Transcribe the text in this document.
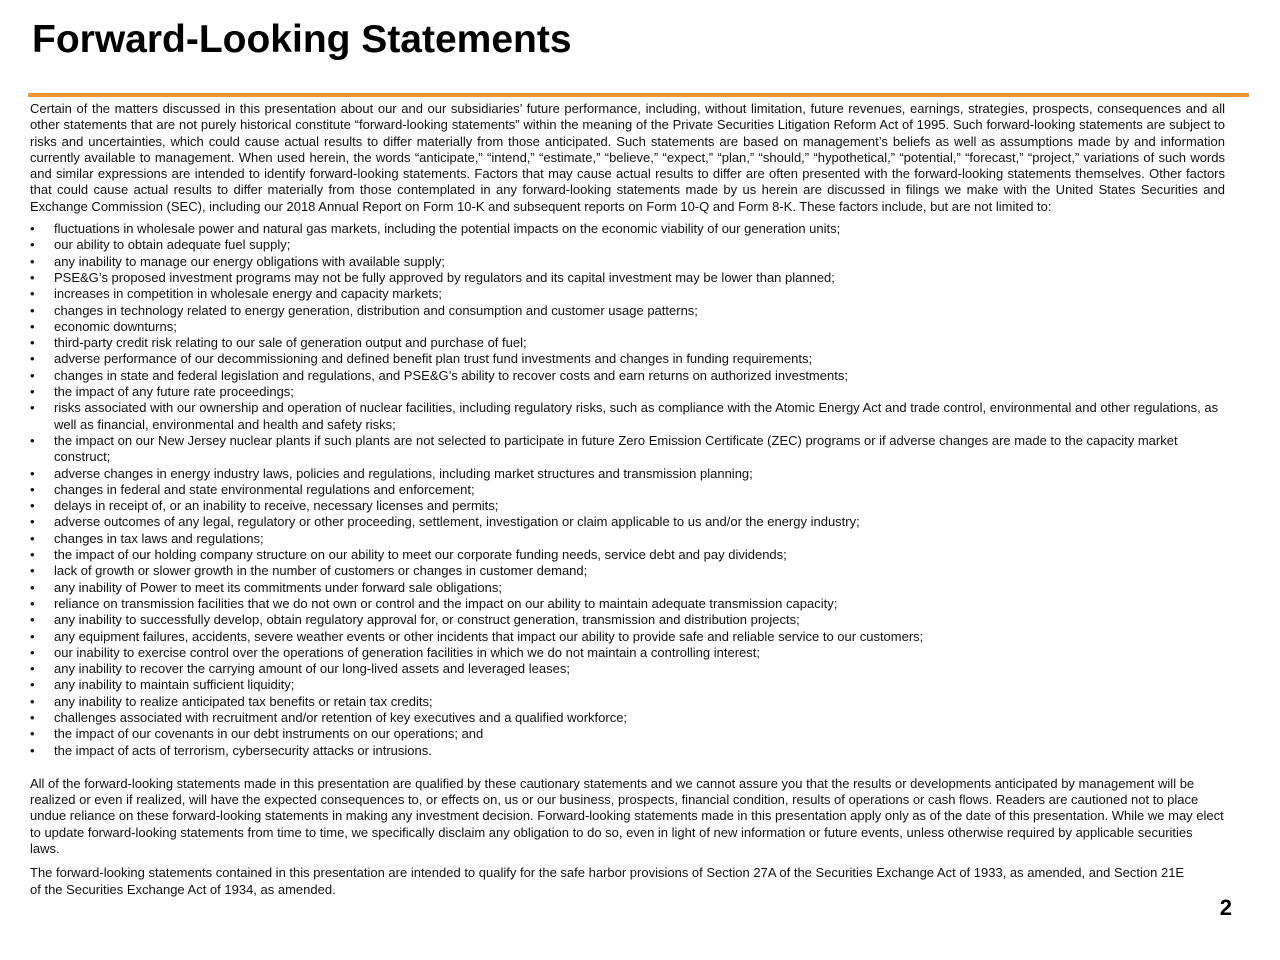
Forward-Looking Statements

Certain of the matters discussed in this presentation about our and our subsidiaries’ future performance, including, without limitation, future revenues, earnings, strategies, prospects, consequences and all other statements that are not purely historical constitute “forward-looking statements” within the meaning of the Private Securities Litigation Reform Act of 1995. Such forward-looking statements are subject to risks and uncertainties, which could cause actual results to differ materially from those anticipated. Such statements are based on management’s beliefs as well as assumptions made by and information currently available to management. When used herein, the words “anticipate,” “intend,” “estimate,” “believe,” “expect,” “plan,” “should,” “hypothetical,” “potential,” “forecast,” “project,” variations of such words and similar expressions are intended to identify forward-looking statements. Factors that may cause actual results to differ are often presented with the forward-looking statements themselves. Other factors that could cause actual results to differ materially from those contemplated in any forward-looking statements made by us herein are discussed in filings we make with the United States Securities and Exchange Commission (SEC), including our 2018 Annual Report on Form 10-K and subsequent reports on Form 10-Q and Form 8-K. These factors include, but are not limited to:

• fluctuations in wholesale power and natural gas markets, including the potential impacts on the economic viability of our generation units;
• our ability to obtain adequate fuel supply;
• any inability to manage our energy obligations with available supply;
• PSE&G’s proposed investment programs may not be fully approved by regulators and its capital investment may be lower than planned;
• increases in competition in wholesale energy and capacity markets;
• changes in technology related to energy generation, distribution and consumption and customer usage patterns;
• economic downturns;
• third-party credit risk relating to our sale of generation output and purchase of fuel;
• adverse performance of our decommissioning and defined benefit plan trust fund investments and changes in funding requirements;
• changes in state and federal legislation and regulations, and PSE&G’s ability to recover costs and earn returns on authorized investments;
• the impact of any future rate proceedings;
• risks associated with our ownership and operation of nuclear facilities, including regulatory risks, such as compliance with the Atomic Energy Act and trade control, environmental and other regulations, as well as financial, environmental and health and safety risks;
• the impact on our New Jersey nuclear plants if such plants are not selected to participate in future Zero Emission Certificate (ZEC) programs or if adverse changes are made to the capacity market construct;
• adverse changes in energy industry laws, policies and regulations, including market structures and transmission planning;
• changes in federal and state environmental regulations and enforcement;
• delays in receipt of, or an inability to receive, necessary licenses and permits;
• adverse outcomes of any legal, regulatory or other proceeding, settlement, investigation or claim applicable to us and/or the energy industry;
• changes in tax laws and regulations;
• the impact of our holding company structure on our ability to meet our corporate funding needs, service debt and pay dividends;
• lack of growth or slower growth in the number of customers or changes in customer demand;
• any inability of Power to meet its commitments under forward sale obligations;
• reliance on transmission facilities that we do not own or control and the impact on our ability to maintain adequate transmission capacity;
• any inability to successfully develop, obtain regulatory approval for, or construct generation, transmission and distribution projects;
• any equipment failures, accidents, severe weather events or other incidents that impact our ability to provide safe and reliable service to our customers;
• our inability to exercise control over the operations of generation facilities in which we do not maintain a controlling interest;
• any inability to recover the carrying amount of our long-lived assets and leveraged leases;
• any inability to maintain sufficient liquidity;
• any inability to realize anticipated tax benefits or retain tax credits;
• challenges associated with recruitment and/or retention of key executives and a qualified workforce;
• the impact of our covenants in our debt instruments on our operations; and
• the impact of acts of terrorism, cybersecurity attacks or intrusions.

All of the forward-looking statements made in this presentation are qualified by these cautionary statements and we cannot assure you that the results or developments anticipated by management will be realized or even if realized, will have the expected consequences to, or effects on, us or our business, prospects, financial condition, results of operations or cash flows. Readers are cautioned not to place undue reliance on these forward-looking statements in making any investment decision. Forward-looking statements made in this presentation apply only as of the date of this presentation. While we may elect to update forward-looking statements from time to time, we specifically disclaim any obligation to do so, even in light of new information or future events, unless otherwise required by applicable securities laws.

The forward-looking statements contained in this presentation are intended to qualify for the safe harbor provisions of Section 27A of the Securities Exchange Act of 1933, as amended, and Section 21E of the Securities Exchange Act of 1934, as amended.

2
